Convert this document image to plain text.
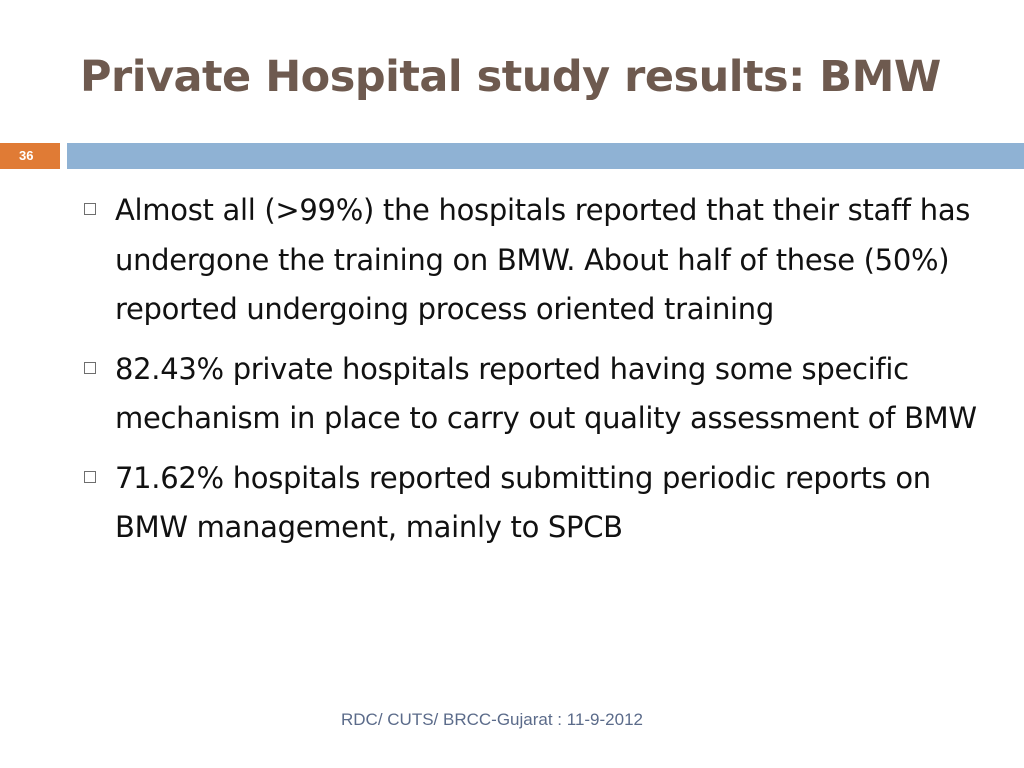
Private Hospital study results: BMW
36
Almost all (>99%) the hospitals reported that their staff has undergone the training on BMW. About half of these (50%) reported undergoing process oriented training
82.43% private hospitals reported having some specific mechanism in place to carry out quality assessment of BMW
71.62% hospitals reported submitting periodic reports on BMW management, mainly to SPCB
RDC/ CUTS/ BRCC-Gujarat : 11-9-2012
